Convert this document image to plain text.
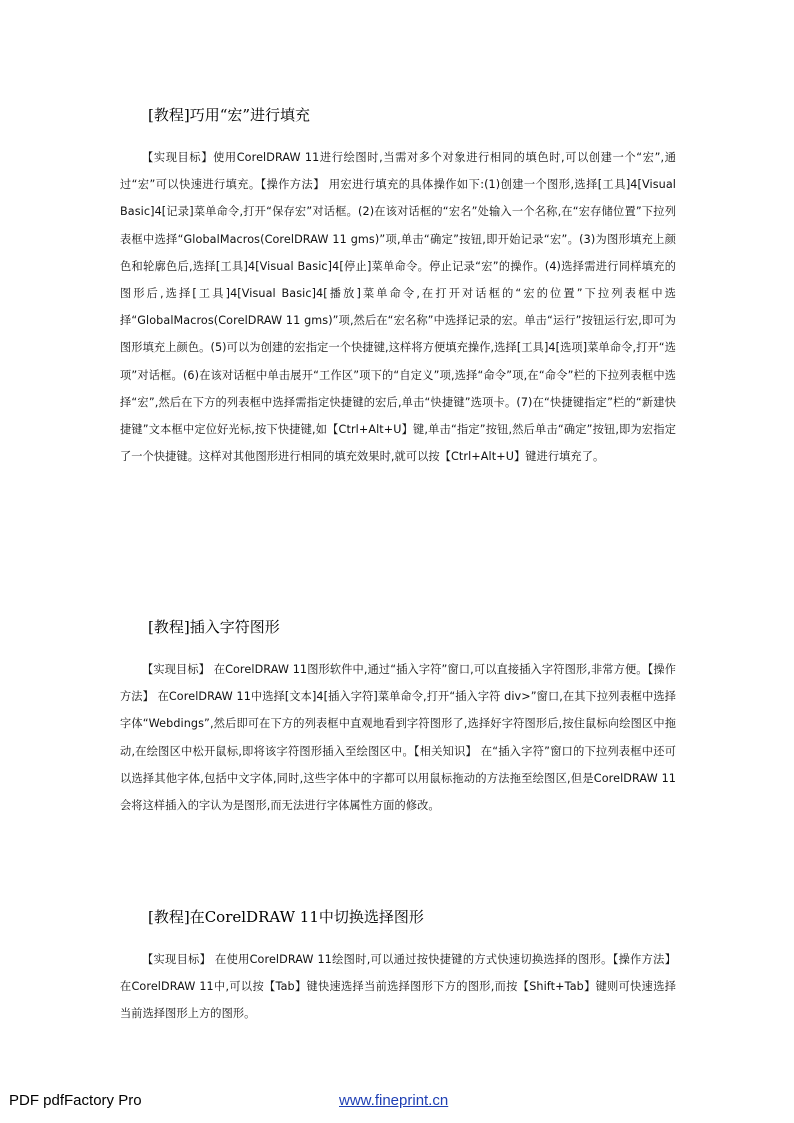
[教程]巧用“宏”进行填充

【实现目标】使用CorelDRAW 11进行绘图时,当需对多个对象进行相同的填色时,可以创建一个“宏”,通过“宏”可以快速进行填充。【操作方法】 用宏进行填充的具体操作如下:(1)创建一个图形,选择[工具]4[Visual Basic]4[记录]菜单命令,打开“保存宏”对话框。(2)在该对话框的“宏名”处输入一个名称,在“宏存储位置”下拉列表框中选择“GlobalMacros(CorelDRAW 11 gms)”项,单击“确定”按钮,即开始记录“宏”。(3)为图形填充上颜色和轮廓色后,选择[工具]4[Visual Basic]4[停止]菜单命令。停止记录“宏”的操作。(4)选择需进行同样填充的图形后,选择[工具]4[Visual Basic]4[播放]菜单命令,在打开对话框的“宏的位置”下拉列表框中选择“GlobalMacros(CorelDRAW 11 gms)”项,然后在“宏名称”中选择记录的宏。单击“运行”按钮运行宏,即可为图形填充上颜色。(5)可以为创建的宏指定一个快捷键,这样将方便填充操作,选择[工具]4[选项]菜单命令,打开“选项”对话框。(6)在该对话框中单击展开“工作区”项下的“自定义”项,选择“命令”项,在“命令”栏的下拉列表框中选择“宏”,然后在下方的列表框中选择需指定快捷键的宏后,单击“快捷键”选项卡。(7)在“快捷键指定”栏的“新建快捷键”文本框中定位好光标,按下快捷键,如【Ctrl+Alt+U】键,单击“指定”按钮,然后单击“确定”按钮,即为宏指定了一个快捷键。这样对其他图形进行相同的填充效果时,就可以按【Ctrl+Alt+U】键进行填充了。

[教程]插入字符图形

【实现目标】 在CorelDRAW 11图形软件中,通过“插入字符”窗口,可以直接插入字符图形,非常方便。【操作方法】 在CorelDRAW 11中选择[文本]4[插入字符]菜单命令,打开“插入字符 div>”窗口,在其下拉列表框中选择字体“Webdings”,然后即可在下方的列表框中直观地看到字符图形了,选择好字符图形后,按住鼠标向绘图区中拖动,在绘图区中松开鼠标,即将该字符图形插入至绘图区中。【相关知识】 在“插入字符”窗口的下拉列表框中还可以选择其他字体,包括中文字体,同时,这些字体中的字都可以用鼠标拖动的方法拖至绘图区,但是CorelDRAW 11会将这样插入的字认为是图形,而无法进行字体属性方面的修改。

[教程]在CorelDRAW 11中切换选择图形

【实现目标】 在使用CorelDRAW 11绘图时,可以通过按快捷键的方式快速切换选择的图形。【操作方法】 在CorelDRAW 11中,可以按【Tab】键快速选择当前选择图形下方的图形,而按【Shift+Tab】键则可快速选择当前选择图形上方的图形。

PDF pdfFactory Pro	www.fineprint.cn
